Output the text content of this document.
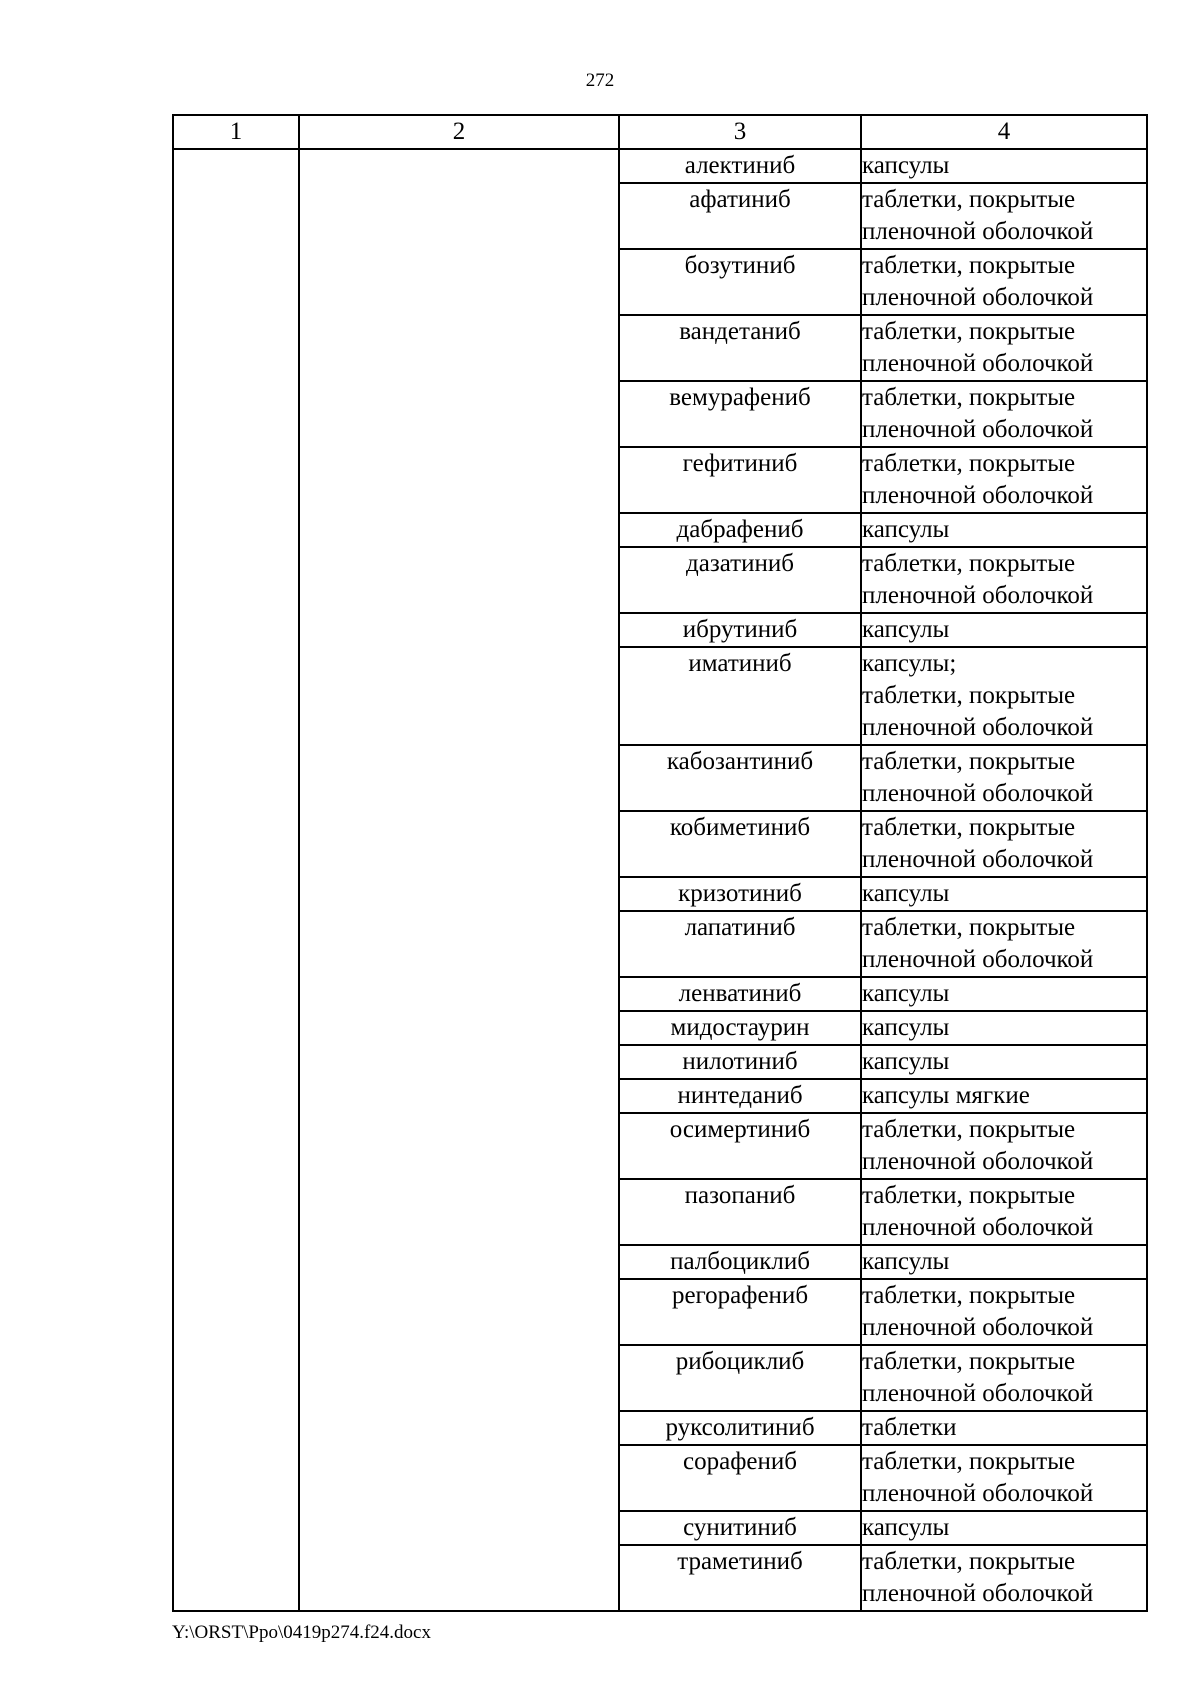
272
1	2	3	4
		алектиниб	капсулы
		афатиниб	таблетки, покрытые
пленочной оболочкой
		бозутиниб	таблетки, покрытые
пленочной оболочкой
		вандетаниб	таблетки, покрытые
пленочной оболочкой
		вемурафениб	таблетки, покрытые
пленочной оболочкой
		гефитиниб	таблетки, покрытые
пленочной оболочкой
		дабрафениб	капсулы
		дазатиниб	таблетки, покрытые
пленочной оболочкой
		ибрутиниб	капсулы
		иматиниб	капсулы;
таблетки, покрытые
пленочной оболочкой
		кабозантиниб	таблетки, покрытые
пленочной оболочкой
		кобиметиниб	таблетки, покрытые
пленочной оболочкой
		кризотиниб	капсулы
		лапатиниб	таблетки, покрытые
пленочной оболочкой
		ленватиниб	капсулы
		мидостаурин	капсулы
		нилотиниб	капсулы
		нинтеданиб	капсулы мягкие
		осимертиниб	таблетки, покрытые
пленочной оболочкой
		пазопаниб	таблетки, покрытые
пленочной оболочкой
		палбоциклиб	капсулы
		регорафениб	таблетки, покрытые
пленочной оболочкой
		рибоциклиб	таблетки, покрытые
пленочной оболочкой
		руксолитиниб	таблетки
		сорафениб	таблетки, покрытые
пленочной оболочкой
		сунитиниб	капсулы
		траметиниб	таблетки, покрытые
пленочной оболочкой
Y:\ORST\Ppo\0419p274.f24.docx
